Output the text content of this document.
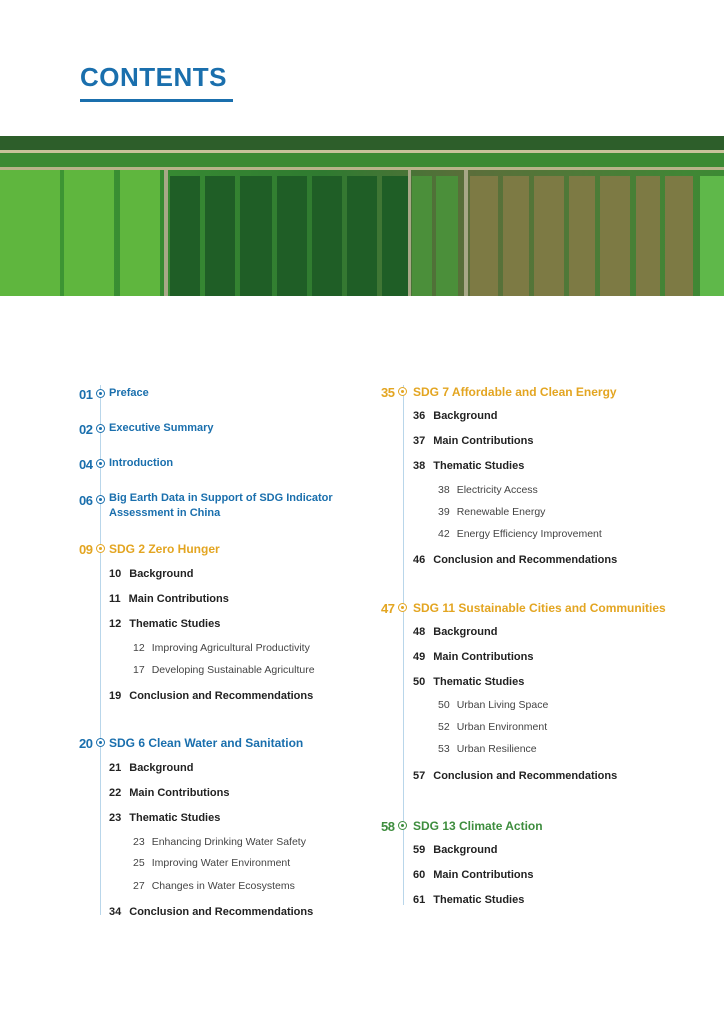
CONTENTS
01 Preface
02 Executive Summary
04 Introduction
06 Big Earth Data in Support of SDG Indicator
Assessment in China
09 SDG 2 Zero Hunger
10 Background
11 Main Contributions
12 Thematic Studies
12 Improving Agricultural Productivity
17 Developing Sustainable Agriculture
19 Conclusion and Recommendations
20 SDG 6 Clean Water and Sanitation
21 Background
22 Main Contributions
23 Thematic Studies
23 Enhancing Drinking Water Safety
25 Improving Water Environment
27 Changes in Water Ecosystems
34 Conclusion and Recommendations
35 SDG 7 Affordable and Clean Energy
36 Background
37 Main Contributions
38 Thematic Studies
38 Electricity Access
39 Renewable Energy
42 Energy Efficiency Improvement
46 Conclusion and Recommendations
47 SDG 11 Sustainable Cities and Communities
48 Background
49 Main Contributions
50 Thematic Studies
50 Urban Living Space
52 Urban Environment
53 Urban Resilience
57 Conclusion and Recommendations
58 SDG 13 Climate Action
59 Background
60 Main Contributions
61 Thematic Studies
